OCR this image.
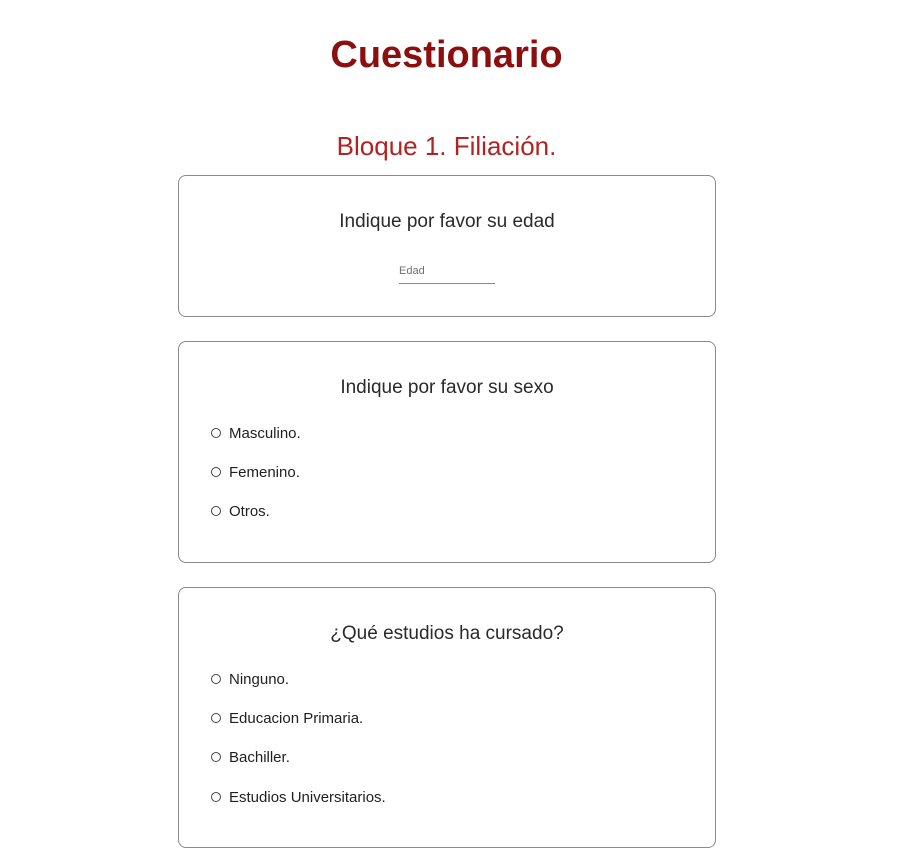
Cuestionario
Bloque 1. Filiación.
Indique por favor su edad
Edad
Indique por favor su sexo
Masculino.
Femenino.
Otros.
¿Qué estudios ha cursado?
Ninguno.
Educacion Primaria.
Bachiller.
Estudios Universitarios.
